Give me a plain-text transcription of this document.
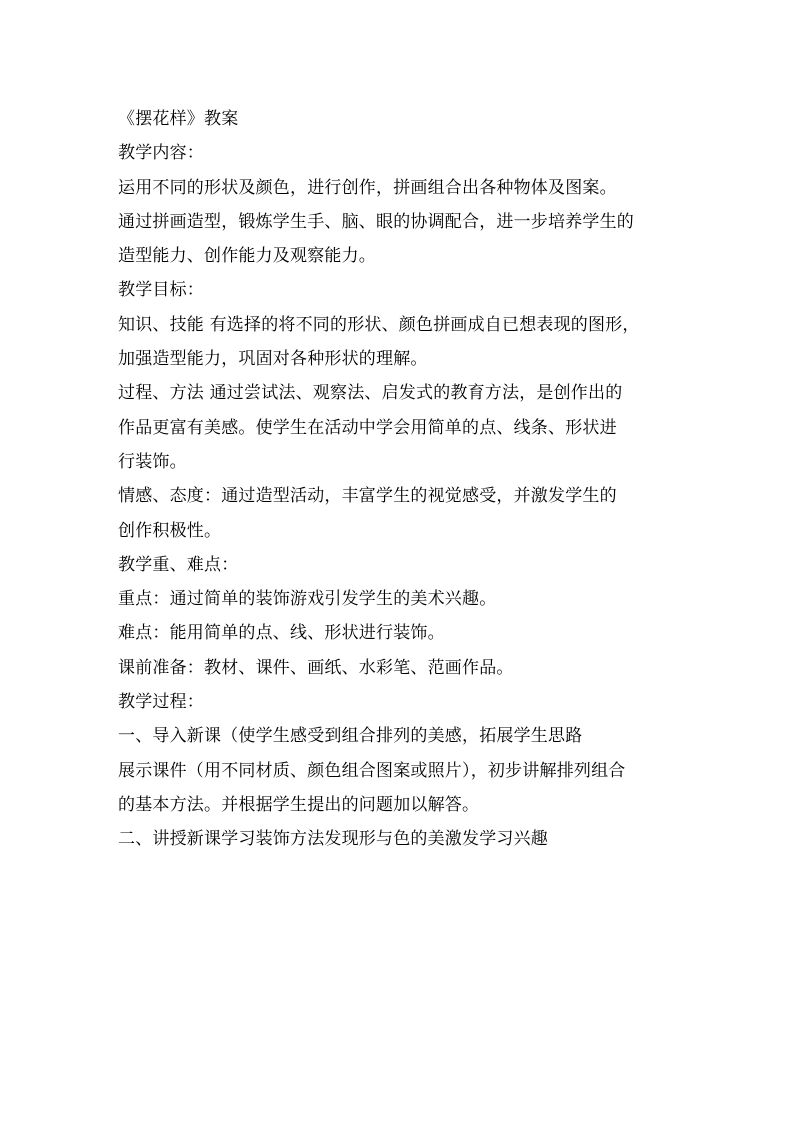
《摆花样》教案
教学内容：
运用不同的形状及颜色，进行创作，拼画组合出各种物体及图案。
通过拼画造型，锻炼学生手、脑、眼的协调配合，进一步培养学生的
造型能力、创作能力及观察能力。
教学目标：
知识、技能 有选择的将不同的形状、颜色拼画成自已想表现的图形，
加强造型能力，巩固对各种形状的理解。
过程、方法 通过尝试法、观察法、启发式的教育方法，是创作出的
作品更富有美感。使学生在活动中学会用简单的点、线条、形状进
行装饰。
情感、态度：通过造型活动，丰富学生的视觉感受，并激发学生的
创作积极性。
教学重、难点：
重点：通过简单的装饰游戏引发学生的美术兴趣。
难点：能用简单的点、线、形状进行装饰。
课前准备：教材、课件、画纸、水彩笔、范画作品。
教学过程：
一、导入新课（使学生感受到组合排列的美感，拓展学生思路
展示课件（用不同材质、颜色组合图案或照片），初步讲解排列组合
的基本方法。并根据学生提出的问题加以解答。
二、讲授新课学习装饰方法发现形与色的美激发学习兴趣
